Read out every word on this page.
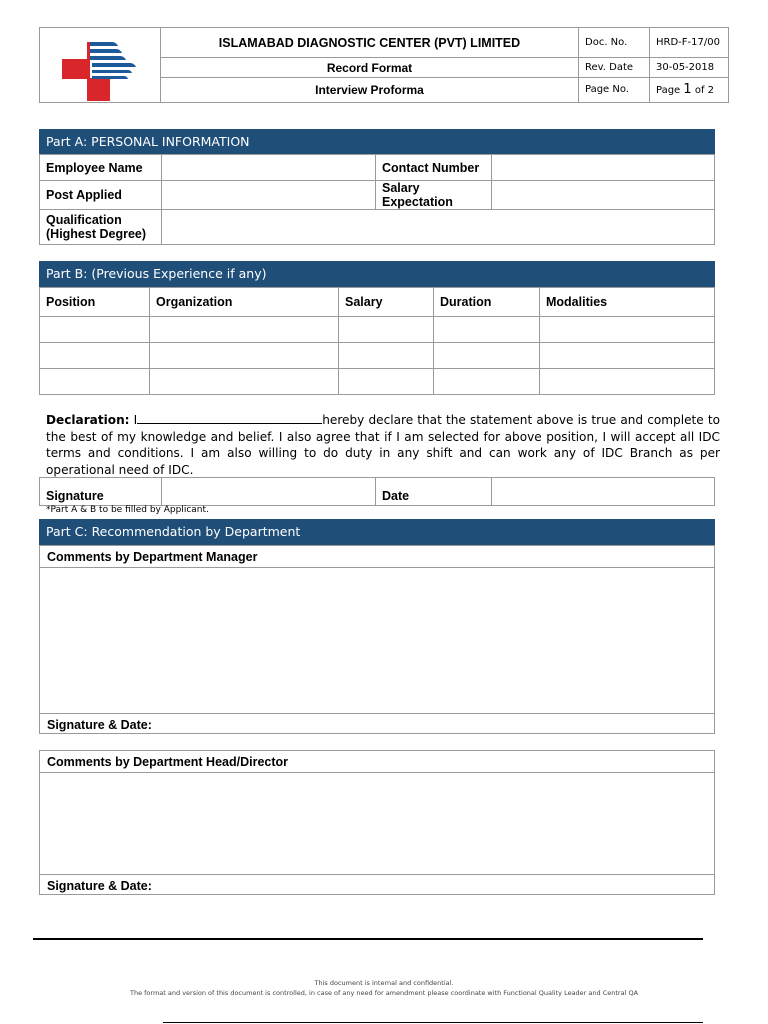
	ISLAMABAD DIAGNOSTIC CENTER (PVT) LIMITED	Doc. No.	HRD-F-17/00
	Record Format	Rev. Date	30-05-2018
	Interview Proforma	Page No.	Page 1 of 2
Part A: PERSONAL INFORMATION
Employee Name		Contact Number	
Post Applied		Salary
Expectation	
Qualification
(Highest Degree)			
Part B: (Previous Experience if any)
Position	Organization	Salary	Duration	Modalities

Declaration: I	hereby declare that the statement above is true and complete to the best of my knowledge and belief. I also agree that if I am selected for above position, I will accept all IDC terms and conditions. I am also willing to do duty in any shift and can work any of IDC Branch as per operational need of IDC.
Signature		Date	
*Part A & B to be filled by Applicant.
Part C: Recommendation by Department
Comments by Department Manager
Signature & Date:
Comments by Department Head/Director
Signature & Date:
This document is internal and confidential.
The format and version of this document is controlled, in case of any need for amendment please coordinate with Functional Quality Leader and Central QA
